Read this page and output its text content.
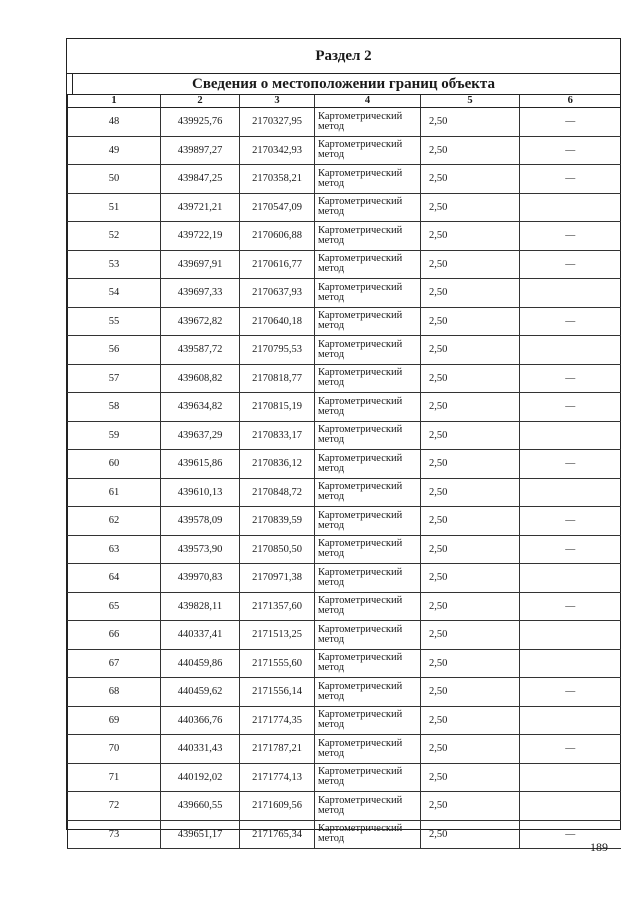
Раздел 2
Сведения о местоположении границ объекта
1	2	3	4	5	6
48	439925,76	2170327,95	Картометрический метод	2,50	—
49	439897,27	2170342,93	Картометрический метод	2,50	—
50	439847,25	2170358,21	Картометрический метод	2,50	—
51	439721,21	2170547,09	Картометрический метод	2,50	
52	439722,19	2170606,88	Картометрический метод	2,50	—
53	439697,91	2170616,77	Картометрический метод	2,50	—
54	439697,33	2170637,93	Картометрический метод	2,50	
55	439672,82	2170640,18	Картометрический метод	2,50	—
56	439587,72	2170795,53	Картометрический метод	2,50	
57	439608,82	2170818,77	Картометрический метод	2,50	—
58	439634,82	2170815,19	Картометрический метод	2,50	—
59	439637,29	2170833,17	Картометрический метод	2,50	
60	439615,86	2170836,12	Картометрический метод	2,50	—
61	439610,13	2170848,72	Картометрический метод	2,50	
62	439578,09	2170839,59	Картометрический метод	2,50	—
63	439573,90	2170850,50	Картометрический метод	2,50	—
64	439970,83	2170971,38	Картометрический метод	2,50	
65	439828,11	2171357,60	Картометрический метод	2,50	—
66	440337,41	2171513,25	Картометрический метод	2,50	
67	440459,86	2171555,60	Картометрический метод	2,50	
68	440459,62	2171556,14	Картометрический метод	2,50	—
69	440366,76	2171774,35	Картометрический метод	2,50	
70	440331,43	2171787,21	Картометрический метод	2,50	—
71	440192,02	2171774,13	Картометрический метод	2,50	
72	439660,55	2171609,56	Картометрический метод	2,50	
73	439651,17	2171765,34	Картометрический метод	2,50	—
189
